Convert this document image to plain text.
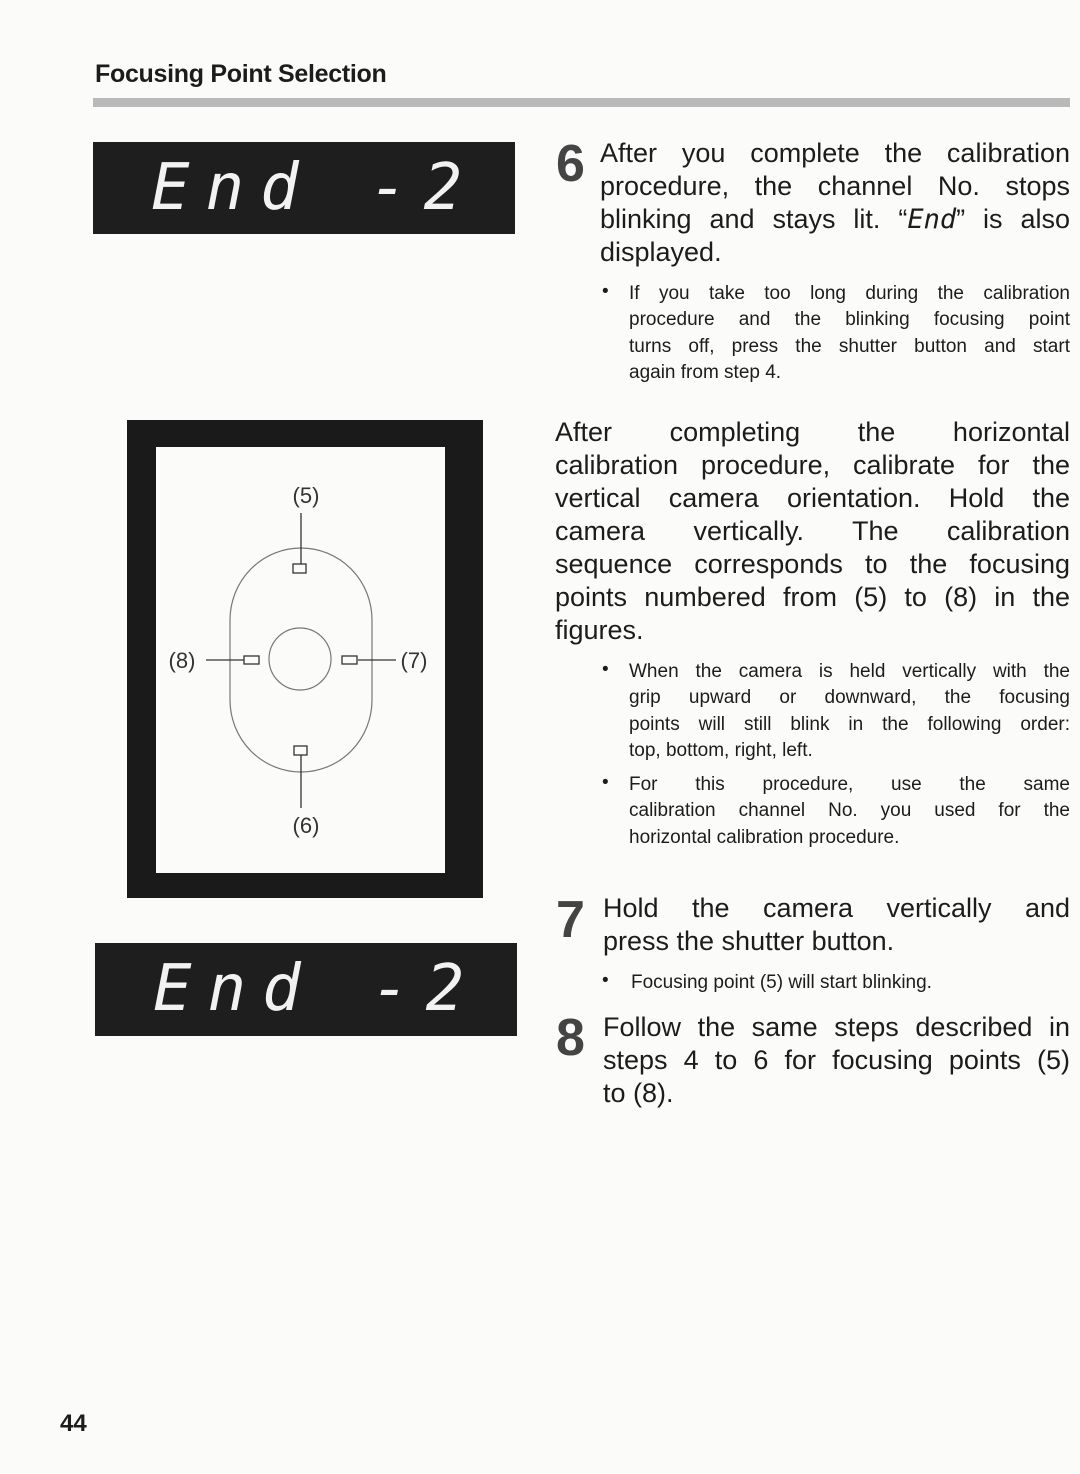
Focusing Point Selection
End -2
(5)
(6)
(7)
(8)
End -2
6 After you complete the calibration
procedure, the channel No. stops
blinking and stays lit. “End” is also
displayed.
• If you take too long during the calibration
procedure and the blinking focusing point
turns off, press the shutter button and start
again from step 4.
After completing the horizontal
calibration procedure, calibrate for the
vertical camera orientation. Hold the
camera vertically. The calibration
sequence corresponds to the focusing
points numbered from (5) to (8) in the
figures.
• When the camera is held vertically with the
grip upward or downward, the focusing
points will still blink in the following order:
top, bottom, right, left.
• For this procedure, use the same
calibration channel No. you used for the
horizontal calibration procedure.
7 Hold the camera vertically and
press the shutter button.
• Focusing point (5) will start blinking.
8 Follow the same steps described in
steps 4 to 6 for focusing points (5)
to (8).
44
